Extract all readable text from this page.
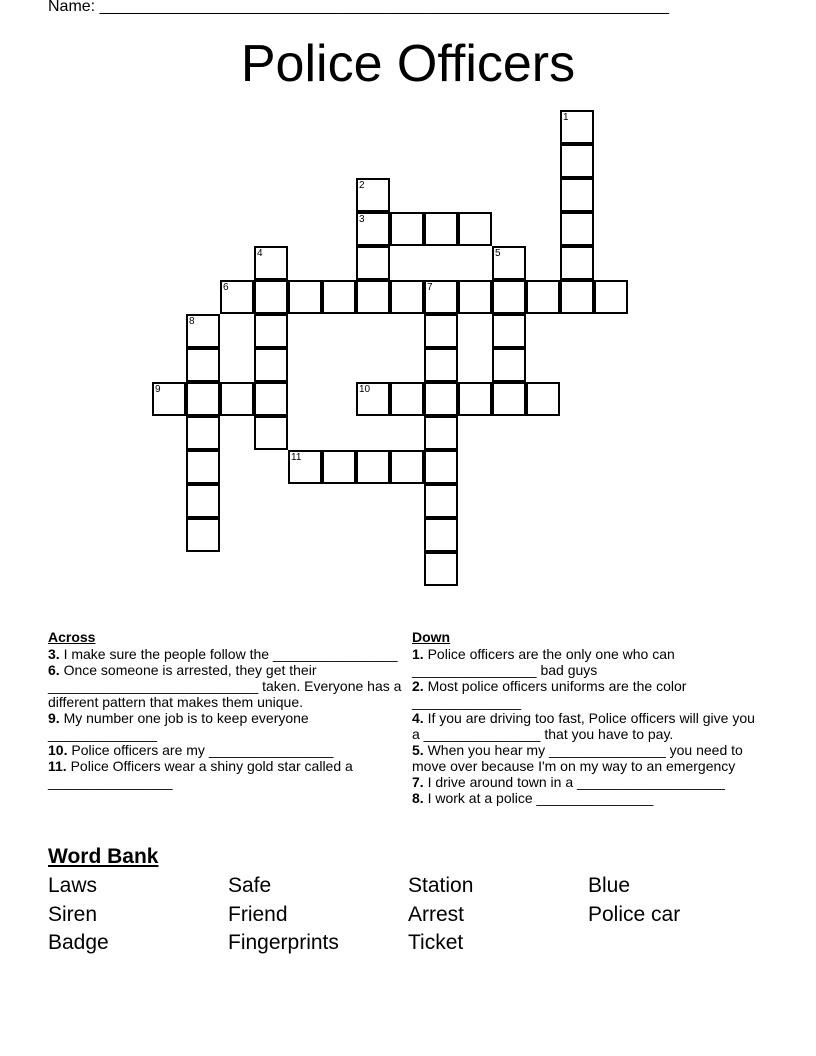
Name: ________________________________________________________________
Police Officers
1
2
3
4	5
6	7
8
9	10
11
Across
3. I make sure the people follow the ________________
6. Once someone is arrested, they get their ___________________________ taken. Everyone has a different pattern that makes them unique.
9. My number one job is to keep everyone ______________
10. Police officers are my ________________
11. Police Officers wear a shiny gold star called a ________________
Down
1. Police officers are the only one who can ________________ bad guys
2. Most police officers uniforms are the color ______________
4. If you are driving too fast, Police officers will give you a _______________ that you have to pay.
5. When you hear my _______________ you need to move over because I'm on my way to an emergency
7. I drive around town in a ___________________
8. I work at a police _______________
Word Bank
Laws	Safe	Station	Blue
Siren	Friend	Arrest	Police car
Badge	Fingerprints	Ticket
